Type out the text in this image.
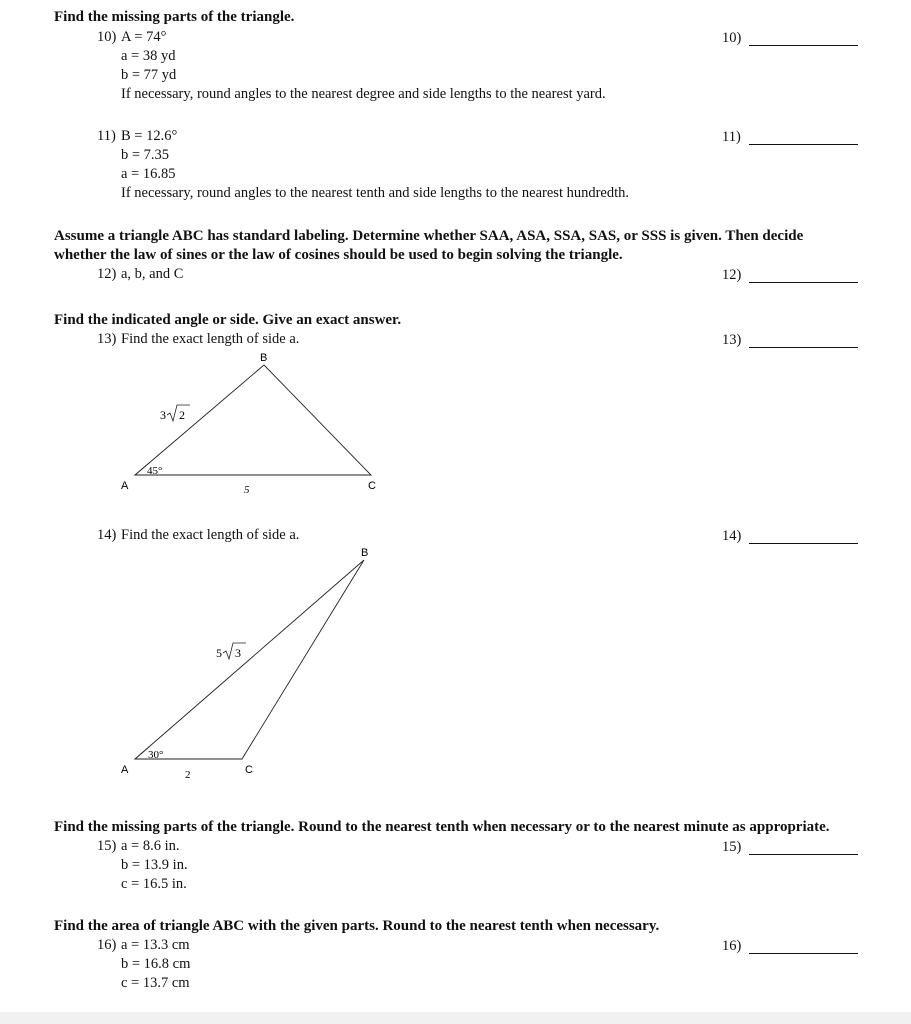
Find the missing parts of the triangle.
10) A = 74°
a = 38 yd
b = 77 yd
If necessary, round angles to the nearest degree and side lengths to the nearest yard.
10)
11) B = 12.6°
b = 7.35
a = 16.85
If necessary, round angles to the nearest tenth and side lengths to the nearest hundredth.
11)
Assume a triangle ABC has standard labeling. Determine whether SAA, ASA, SSA, SAS, or SSS is given. Then decide
whether the law of sines or the law of cosines should be used to begin solving the triangle.
12) a, b, and C	12)
Find the indicated angle or side. Give an exact answer.
13) Find the exact length of side a.	13)
B
A	C
45°
5
3 2
14) Find the exact length of side a.	14)
B
A	C
30°
2
5 3
Find the missing parts of the triangle. Round to the nearest tenth when necessary or to the nearest minute as appropriate.
15) a = 8.6 in.
b = 13.9 in.
c = 16.5 in.
15)
Find the area of triangle ABC with the given parts. Round to the nearest tenth when necessary.
16) a = 13.3 cm
b = 16.8 cm
c = 13.7 cm
16)
